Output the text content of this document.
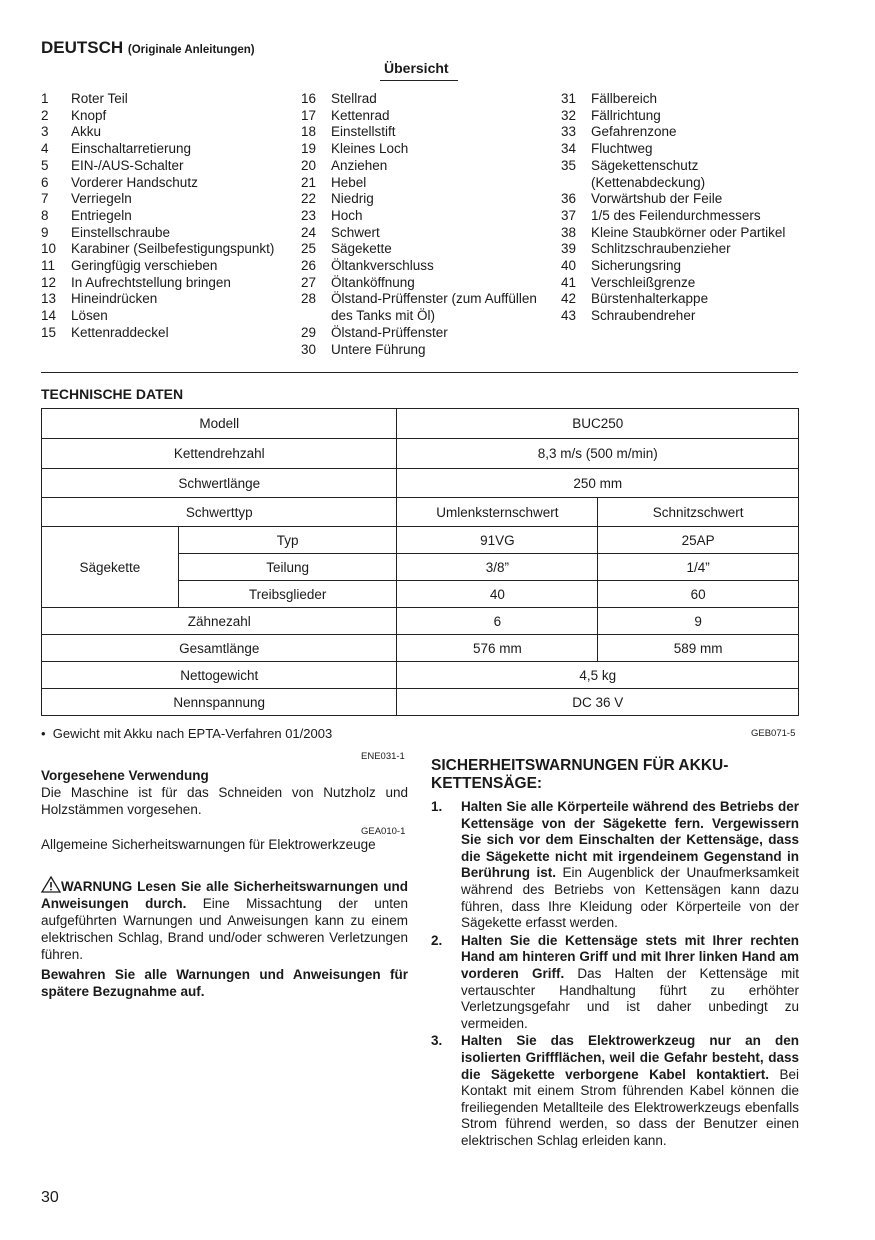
DEUTSCH (Originale Anleitungen)
Übersicht
1	Roter Teil
2	Knopf
3	Akku
4	Einschaltarretierung
5	EIN-/AUS-Schalter
6	Vorderer Handschutz
7	Verriegeln
8	Entriegeln
9	Einstellschraube
10	Karabiner (Seilbefestigungspunkt)
11	Geringfügig verschieben
12	In Aufrechtstellung bringen
13	Hineindrücken
14	Lösen
15	Kettenraddeckel
16	Stellrad
17	Kettenrad
18	Einstellstift
19	Kleines Loch
20	Anziehen
21	Hebel
22	Niedrig
23	Hoch
24	Schwert
25	Sägekette
26	Öltankverschluss
27	Öltanköffnung
28	Ölstand-Prüffenster (zum Auffüllen des Tanks mit Öl)
29	Ölstand-Prüffenster
30	Untere Führung
31	Fällbereich
32	Fällrichtung
33	Gefahrenzone
34	Fluchtweg
35	Sägekettenschutz (Kettenabdeckung)
36	Vorwärtshub der Feile
37	1/5 des Feilendurchmessers
38	Kleine Staubkörner oder Partikel
39	Schlitzschraubenzieher
40	Sicherungsring
41	Verschleißgrenze
42	Bürstenhalterkappe
43	Schraubendreher
TECHNISCHE DATEN
Modell		BUC250	
Kettendrehzahl		8,3 m/s (500 m/min)	
Schwertlänge		250 mm	
Schwerttyp		Umlenksternschwert	Schnitzschwert
Sägekette	Typ	91VG	25AP
	Teilung	3/8”	1/4”
	Treibsglieder	40	60
Zähnezahl		6	9
Gesamtlänge		576 mm	589 mm
Nettogewicht		4,5 kg	
Nennspannung		DC 36 V	
•  Gewicht mit Akku nach EPTA-Verfahren 01/2003	GEB071-5
ENE031-1
GEA010-1
Vorgesehene Verwendung
Die Maschine ist für das Schneiden von Nutzholz und Holzstämmen vorgesehen.
Allgemeine Sicherheitswarnungen für Elektrowerkzeuge
WARNUNG Lesen Sie alle Sicherheitswarnungen und Anweisungen durch. Eine Missachtung der unten aufgeführten Warnungen und Anweisungen kann zu einem elektrischen Schlag, Brand und/oder schweren Verletzungen führen.
Bewahren Sie alle Warnungen und Anweisungen für spätere Bezugnahme auf.
SICHERHEITSWARNUNGEN FÜR AKKU-KETTENSÄGE:
1.	Halten Sie alle Körperteile während des Betriebs der Kettensäge von der Sägekette fern. Vergewissern Sie sich vor dem Einschalten der Kettensäge, dass die Sägekette nicht mit irgendeinem Gegenstand in Berührung ist. Ein Augenblick der Unaufmerksamkeit während des Betriebs von Kettensägen kann dazu führen, dass Ihre Kleidung oder Körperteile von der Sägekette erfasst werden.
2.	Halten Sie die Kettensäge stets mit Ihrer rechten Hand am hinteren Griff und mit Ihrer linken Hand am vorderen Griff. Das Halten der Kettensäge mit vertauschter Handhaltung führt zu erhöhter Verletzungsgefahr und ist daher unbedingt zu vermeiden.
3.	Halten Sie das Elektrowerkzeug nur an den isolierten Griffflächen, weil die Gefahr besteht, dass die Sägekette verborgene Kabel kontaktiert. Bei Kontakt mit einem Strom führenden Kabel können die freiliegenden Metallteile des Elektrowerkzeugs ebenfalls Strom führend werden, so dass der Benutzer einen elektrischen Schlag erleiden kann.
30
